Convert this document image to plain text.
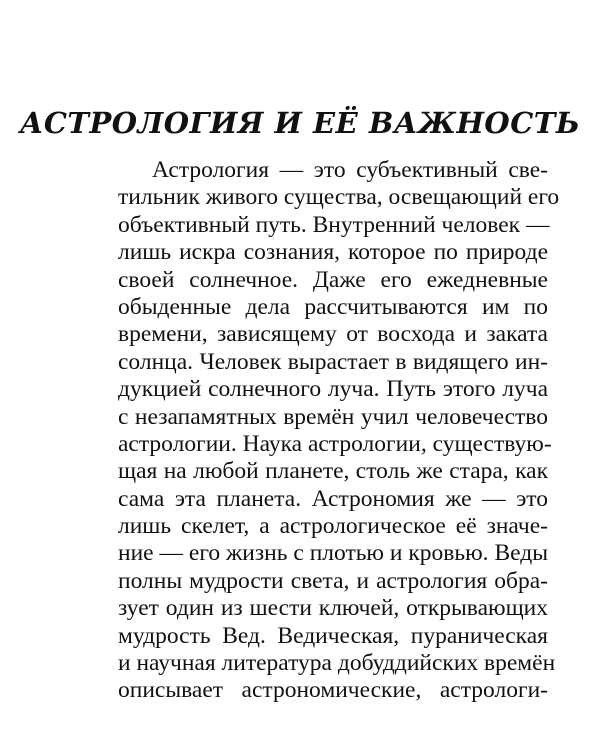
АСТРОЛОГИЯ И ЕЁ ВАЖНОСТЬ
Астрология — это субъективный све-
тильник живого существа, освещающий его
объективный путь. Внутренний человек —
лишь искра сознания, которое по природе
своей солнечное. Даже его ежедневные
обыденные дела рассчитываются им по
времени, зависящему от восхода и заката
солнца. Человек вырастает в видящего ин-
дукцией солнечного луча. Путь этого луча
с незапамятных времён учил человечество
астрологии. Наука астрологии, существую-
щая на любой планете, столь же стара, как
сама эта планета. Астрономия же — это
лишь скелет, а астрологическое её значе-
ние — его жизнь с плотью и кровью. Веды
полны мудрости света, и астрология обра-
зует один из шести ключей, открывающих
мудрость Вед. Ведическая, пураническая
и научная литература добуддийских времён
описывает астрономические, астрологи-
